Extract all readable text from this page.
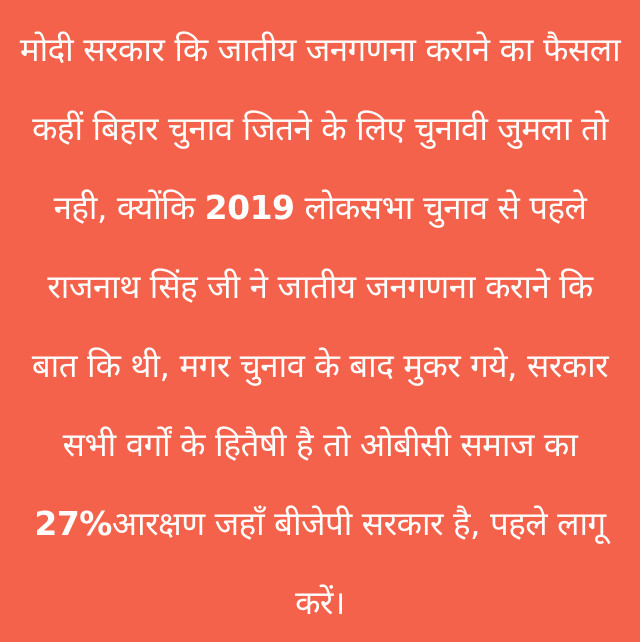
मोदी सरकार कि जातीय जनगणना कराने का फैसला
कहीं बिहार चुनाव जितने के लिए चुनावी जुमला तो
नही, क्योंकि 2019 लोकसभा चुनाव से पहले
राजनाथ सिंह जी ने जातीय जनगणना कराने कि
बात कि थी, मगर चुनाव के बाद मुकर गये, सरकार
सभी वर्गों के हितैषी है तो ओबीसी समाज का
27%आरक्षण जहाँ बीजेपी सरकार है, पहले लागू
करें।
